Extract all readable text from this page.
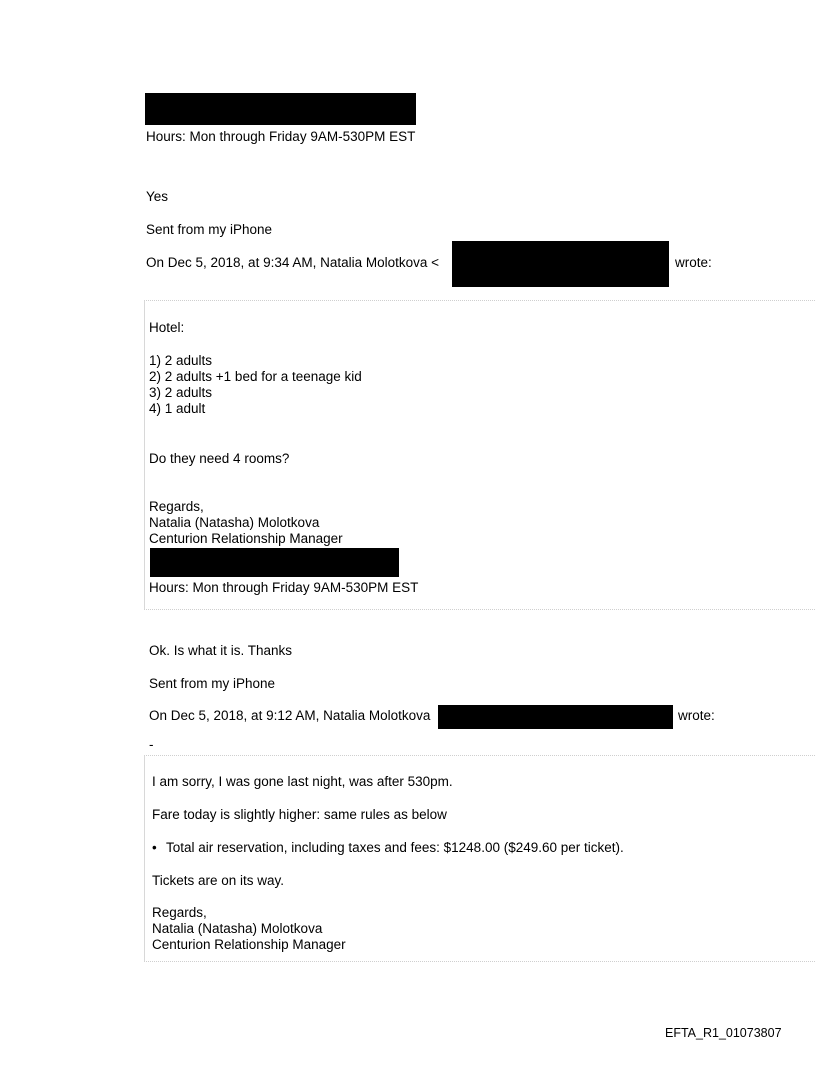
Hours: Mon through Friday 9AM-530PM EST
Yes
Sent from my iPhone
On Dec 5, 2018, at 9:34 AM, Natalia Molotkova <	wrote:
Hotel:
1) 2 adults
2) 2 adults +1 bed for a teenage kid
3) 2 adults
4) 1 adult
Do they need 4 rooms?
Regards,
Natalia (Natasha) Molotkova
Centurion Relationship Manager
Hours: Mon through Friday 9AM-530PM EST
Ok. Is what it is. Thanks
Sent from my iPhone
On Dec 5, 2018, at 9:12 AM, Natalia Molotkova	wrote:
-
I am sorry, I was gone last night, was after 530pm.
Fare today is slightly higher: same rules as below
• Total air reservation, including taxes and fees: $1248.00 ($249.60 per ticket).
Tickets are on its way.
Regards,
Natalia (Natasha) Molotkova
Centurion Relationship Manager
EFTA_R1_01073807
